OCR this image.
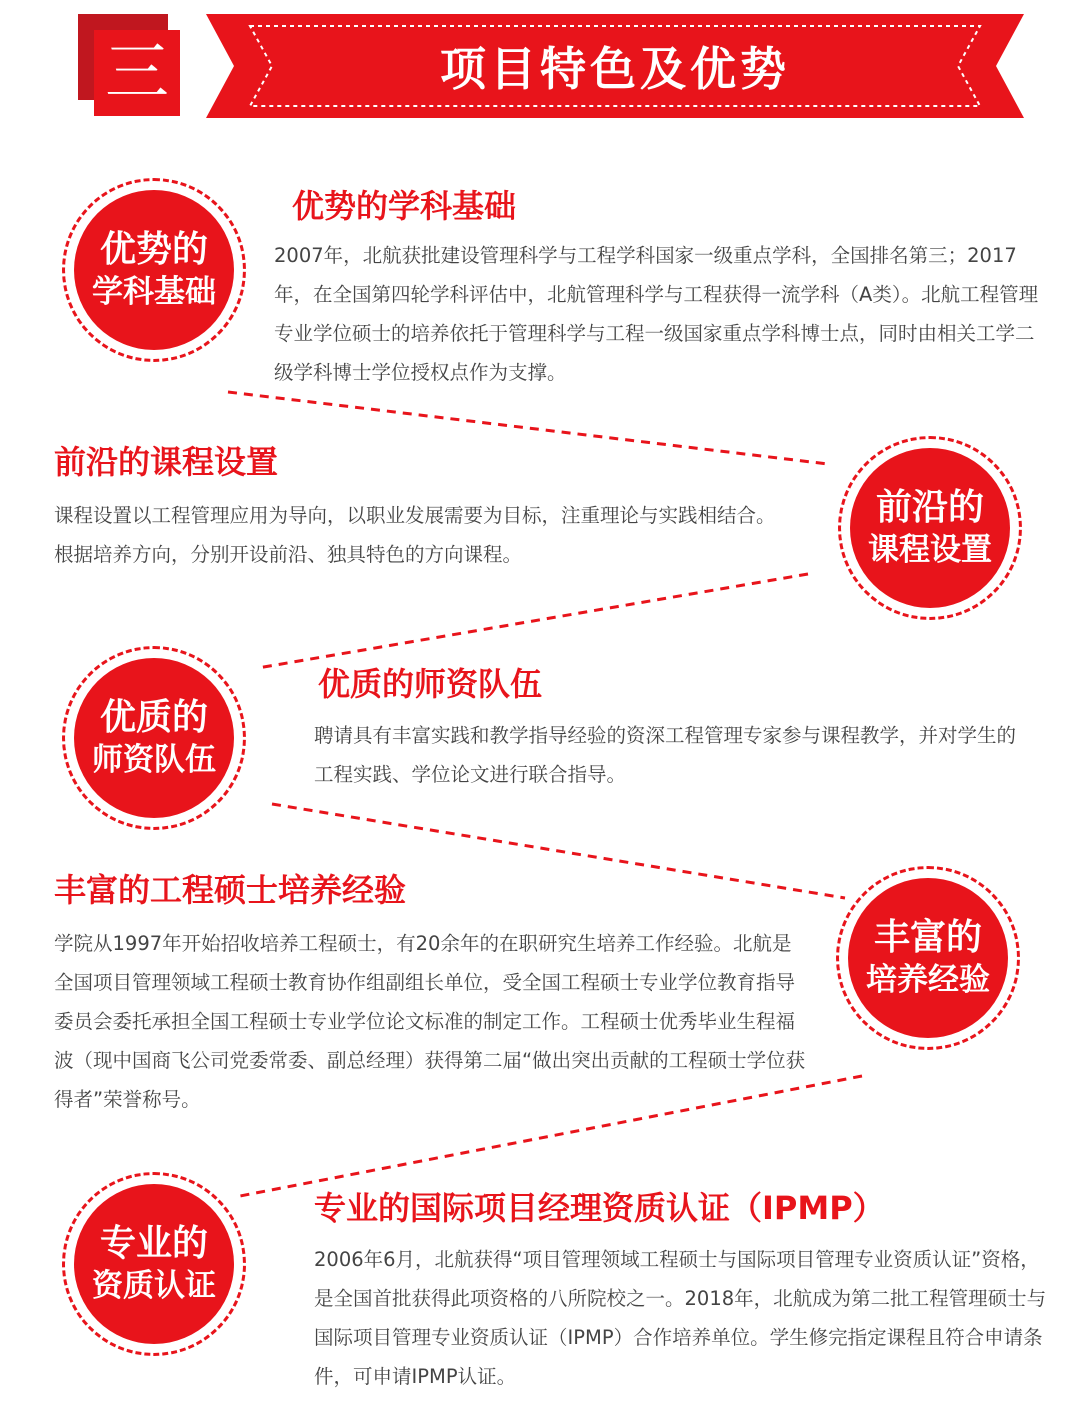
三	项目特色及优势
优势的
学科基础
优势的学科基础

2007年，北航获批建设管理科学与工程学科国家一级重点学科，全国排名第三；2017年，在全国第四轮学科评估中，北航管理科学与工程获得一流学科（A类）。北航工程管理专业学位硕士的培养依托于管理科学与工程一级国家重点学科博士点，同时由相关工学二级学科博士学位授权点作为支撑。

前沿的课程设置

课程设置以工程管理应用为导向，以职业发展需要为目标，注重理论与实践相结合。根据培养方向，分别开设前沿、独具特色的方向课程。

前沿的
课程设置
优质的
师资队伍
优质的师资队伍

聘请具有丰富实践和教学指导经验的资深工程管理专家参与课程教学，并对学生的工程实践、学位论文进行联合指导。

丰富的工程硕士培养经验

学院从1997年开始招收培养工程硕士，有20余年的在职研究生培养工作经验。北航是全国项目管理领域工程硕士教育协作组副组长单位，受全国工程硕士专业学位教育指导委员会委托承担全国工程硕士专业学位论文标准的制定工作。工程硕士优秀毕业生程福波（现中国商飞公司党委常委、副总经理）获得第二届“做出突出贡献的工程硕士学位获得者”荣誉称号。

丰富的
培养经验
专业的
资质认证
专业的国际项目经理资质认证（IPMP）

2006年6月，北航获得“项目管理领域工程硕士与国际项目管理专业资质认证”资格，是全国首批获得此项资格的八所院校之一。2018年，北航成为第二批工程管理硕士与国际项目管理专业资质认证（IPMP）合作培养单位。学生修完指定课程且符合申请条件，可申请IPMP认证。
